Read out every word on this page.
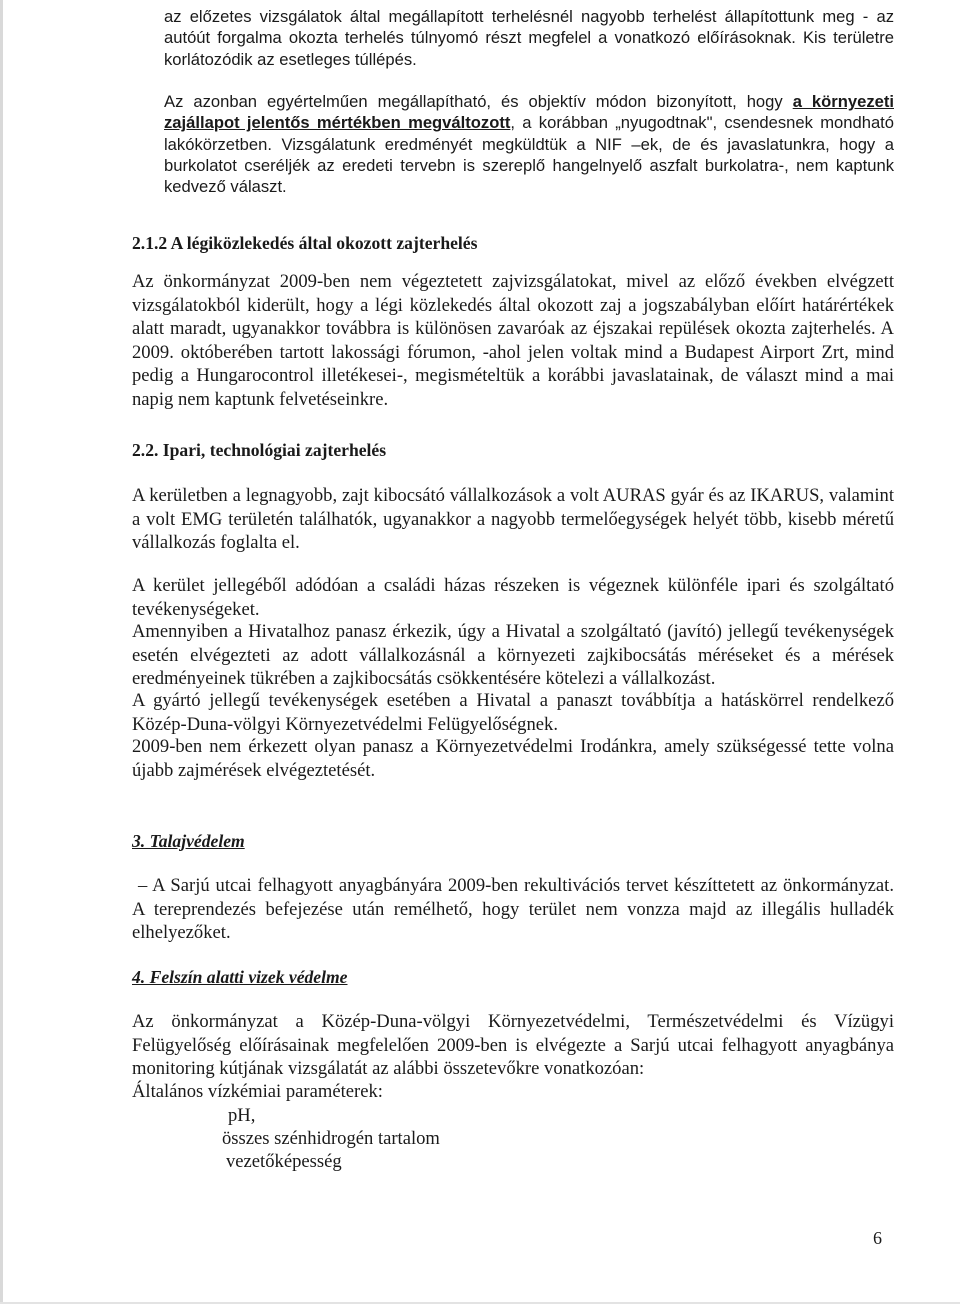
az előzetes vizsgálatok által megállapított terhelésnél nagyobb terhelést állapítottunk meg - az autóút forgalma okozta terhelés túlnyomó részt megfelel a vonatkozó előírásoknak. Kis területre korlátozódik az esetleges túllépés.

Az azonban egyértelműen megállapítható, és objektív módon bizonyított, hogy a környezeti zajállapot jelentős mértékben megváltozott, a korábban „nyugodtnak", csendesnek mondható lakókörzetben. Vizsgálatunk eredményét megküldtük a NIF –ek, de és javaslatunkra, hogy a burkolatot cseréljék az eredeti tervebn is szereplő hangelnyelő aszfalt burkolatra-, nem kaptunk kedvező választ.

2.1.2 A légiközlekedés által okozott zajterhelés

Az önkormányzat 2009-ben nem végeztetett zajvizsgálatokat, mivel az előző években elvégzett vizsgálatokból kiderült, hogy a légi közlekedés által okozott zaj a jogszabályban előírt határértékek alatt maradt, ugyanakkor továbbra is különösen zavaróak az éjszakai repülések okozta zajterhelés. A 2009. októberében tartott lakossági fórumon, -ahol jelen voltak mind a Budapest Airport Zrt, mind pedig a Hungarocontrol illetékesei-, megismételtük a korábbi javaslatainak, de választ mind a mai napig nem kaptunk felvetéseinkre.

2.2. Ipari, technológiai zajterhelés

A kerületben a legnagyobb, zajt kibocsátó vállalkozások a volt AURAS gyár és az IKARUS, valamint a volt EMG területén találhatók, ugyanakkor a nagyobb termelőegységek helyét több, kisebb méretű vállalkozás foglalta el.

A kerület jellegéből adódóan a családi házas részeken is végeznek különféle ipari és szolgáltató tevékenységeket.

Amennyiben a Hivatalhoz panasz érkezik, úgy a Hivatal a szolgáltató (javító) jellegű tevékenységek esetén elvégezteti az adott vállalkozásnál a környezeti zajkibocsátás méréseket és a mérések eredményeinek tükrében a zajkibocsátás csökkentésére kötelezi a vállalkozást.

A gyártó jellegű tevékenységek esetében a Hivatal a panaszt továbbítja a hatáskörrel rendelkező Közép-Duna-völgyi Környezetvédelmi Felügyelőségnek.

2009-ben nem érkezett olyan panasz a Környezetvédelmi Irodánkra, amely szükségessé tette volna újabb zajmérések elvégeztetését.

3. Talajvédelem

– A Sarjú utcai felhagyott anyagbányára 2009-ben rekultivációs tervet készíttetett az önkormányzat. A tereprendezés befejezése után remélhető, hogy terület nem vonzza majd az illegális hulladék elhelyezőket.

4. Felszín alatti vizek védelme

Az önkormányzat a Közép-Duna-völgyi Környezetvédelmi, Természetvédelmi és Vízügyi Felügyelőség előírásainak megfelelően 2009-ben is elvégezte a Sarjú utcai felhagyott anyagbánya monitoring kútjának vizsgálatát az alábbi összetevőkre vonatkozóan:

Általános vízkémiai paraméterek:
pH,
összes szénhidrogén tartalom
vezetőképesség
6
